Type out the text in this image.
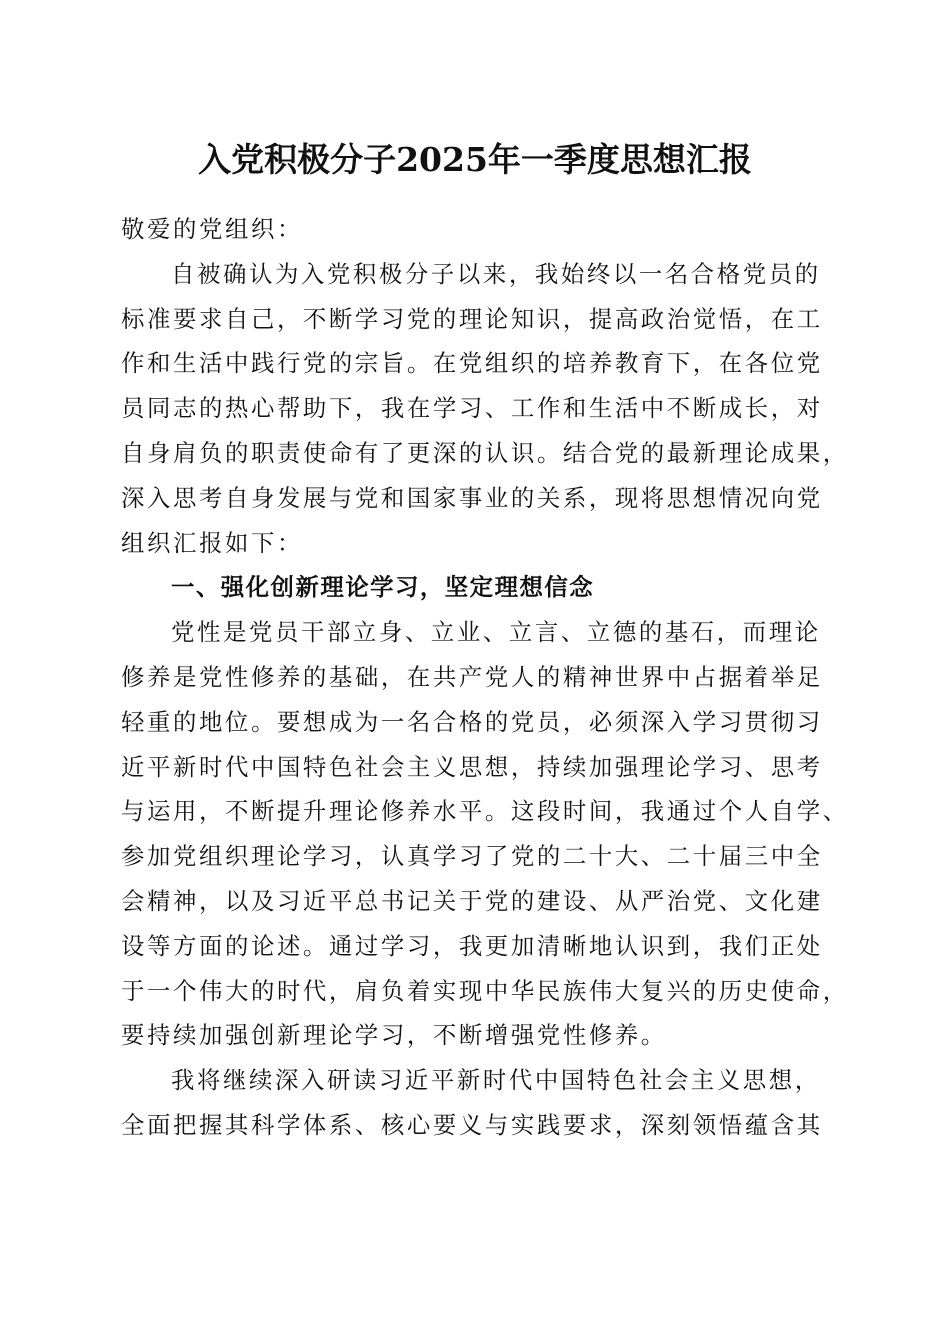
入党积极分子2025年一季度思想汇报
敬爱的党组织：
自被确认为入党积极分子以来，我始终以一名合格党员的
标准要求自己，不断学习党的理论知识，提高政治觉悟，在工
作和生活中践行党的宗旨。在党组织的培养教育下，在各位党
员同志的热心帮助下，我在学习、工作和生活中不断成长，对
自身肩负的职责使命有了更深的认识。结合党的最新理论成果，
深入思考自身发展与党和国家事业的关系，现将思想情况向党
组织汇报如下：
一、强化创新理论学习，坚定理想信念
党性是党员干部立身、立业、立言、立德的基石，而理论
修养是党性修养的基础，在共产党人的精神世界中占据着举足
轻重的地位。要想成为一名合格的党员，必须深入学习贯彻习
近平新时代中国特色社会主义思想，持续加强理论学习、思考
与运用，不断提升理论修养水平。这段时间，我通过个人自学、
参加党组织理论学习，认真学习了党的二十大、二十届三中全
会精神，以及习近平总书记关于党的建设、从严治党、文化建
设等方面的论述。通过学习，我更加清晰地认识到，我们正处
于一个伟大的时代，肩负着实现中华民族伟大复兴的历史使命，
要持续加强创新理论学习，不断增强党性修养。
我将继续深入研读习近平新时代中国特色社会主义思想，
全面把握其科学体系、核心要义与实践要求，深刻领悟蕴含其
